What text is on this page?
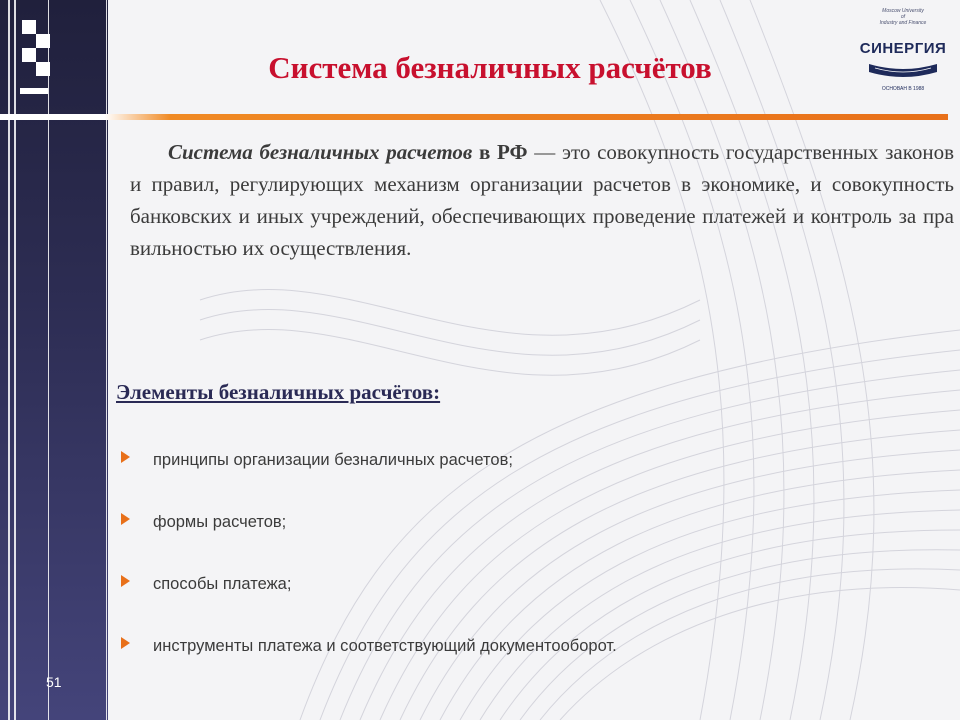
Система безналичных расчётов
Moscow University
of
Industry and Finance
СИНЕРГИЯ
ОСНОВАН В 1988

Система безналичных расчетов в РФ — это совокупность государственных законов и правил, регулирующих механизм организации расчетов в экономике, и совокупность банковских и иных учреждений, обеспечивающих проведение платежей и контроль за пра вильностью их осуществления.

Элементы безналичных расчётов:
принципы организации безналичных расчетов;
формы расчетов;
способы платежа;
инструменты платежа и соответствующий документооборот.
51
